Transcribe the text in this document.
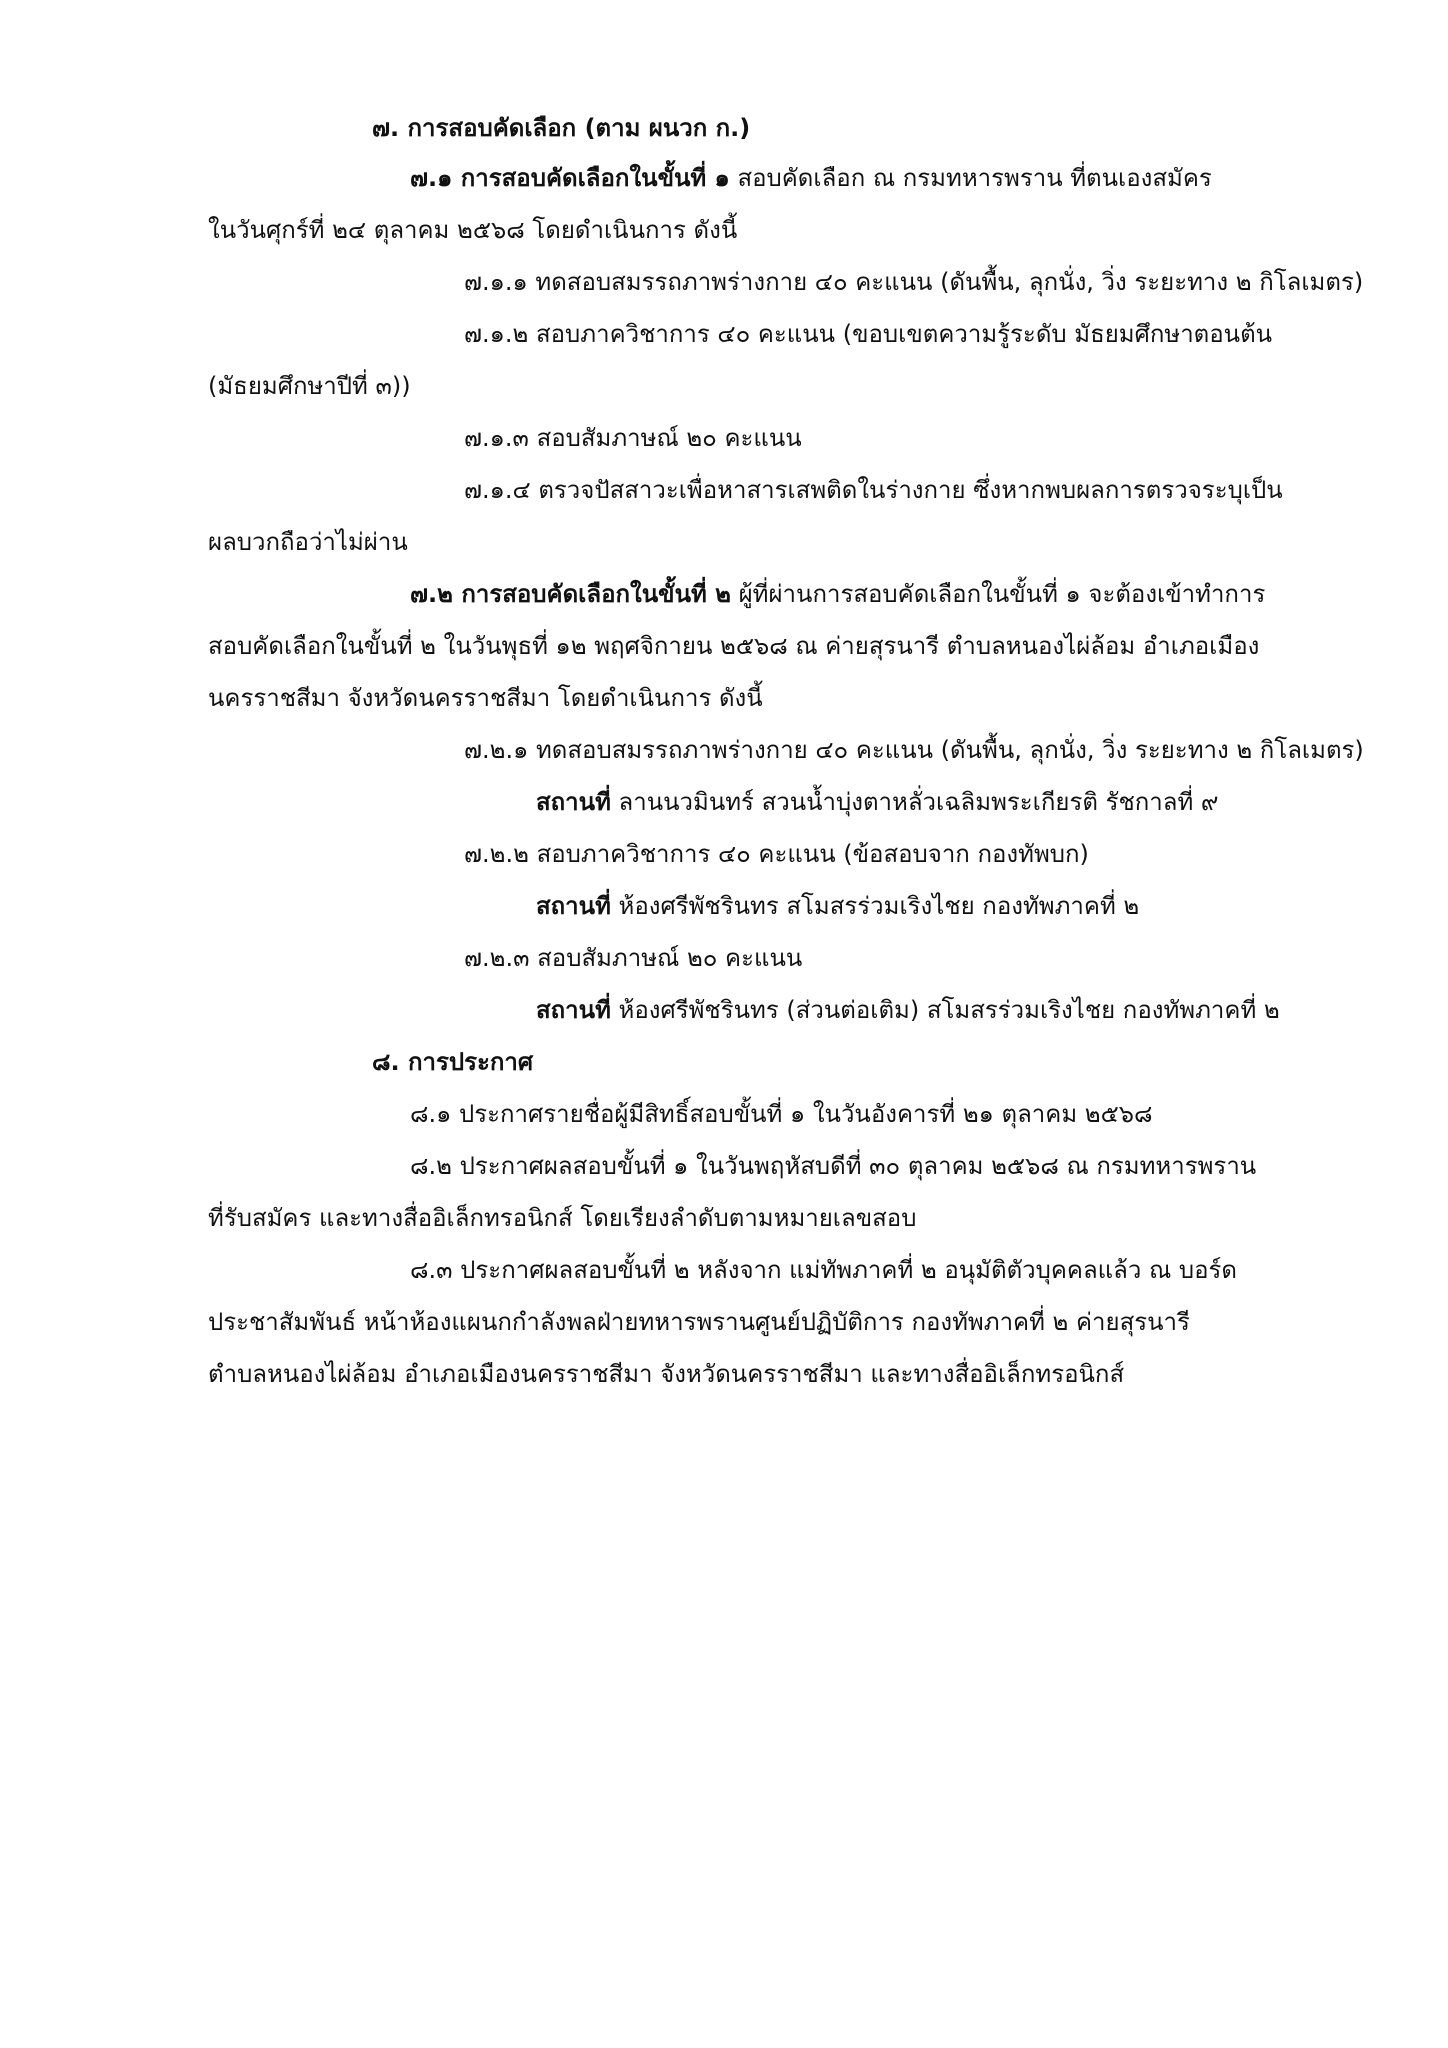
๗. การสอบคัดเลือก (ตาม ผนวก ก.)
๗.๑ การสอบคัดเลือกในขั้นที่ ๑ สอบคัดเลือก ณ กรมทหารพราน ที่ตนเองสมัคร
ในวันศุกร์ที่ ๒๔ ตุลาคม ๒๕๖๘ โดยดำเนินการ ดังนี้
๗.๑.๑ ทดสอบสมรรถภาพร่างกาย ๔๐ คะแนน (ดันพื้น, ลุกนั่ง, วิ่ง ระยะทาง ๒ กิโลเมตร)
๗.๑.๒ สอบภาควิชาการ ๔๐ คะแนน (ขอบเขตความรู้ระดับ มัธยมศึกษาตอนต้น
(มัธยมศึกษาปีที่ ๓))
๗.๑.๓ สอบสัมภาษณ์ ๒๐ คะแนน
๗.๑.๔ ตรวจปัสสาวะเพื่อหาสารเสพติดในร่างกาย ซึ่งหากพบผลการตรวจระบุเป็น
ผลบวกถือว่าไม่ผ่าน
๗.๒ การสอบคัดเลือกในขั้นที่ ๒ ผู้ที่ผ่านการสอบคัดเลือกในขั้นที่ ๑ จะต้องเข้าทำการ
สอบคัดเลือกในขั้นที่ ๒ ในวันพุธที่ ๑๒ พฤศจิกายน ๒๕๖๘ ณ ค่ายสุรนารี ตำบลหนองไผ่ล้อม อำเภอเมือง
นครราชสีมา จังหวัดนครราชสีมา โดยดำเนินการ ดังนี้
๗.๒.๑ ทดสอบสมรรถภาพร่างกาย ๔๐ คะแนน (ดันพื้น, ลุกนั่ง, วิ่ง ระยะทาง ๒ กิโลเมตร)
สถานที่ ลานนวมินทร์ สวนน้ำบุ่งตาหลั่วเฉลิมพระเกียรติ รัชกาลที่ ๙
๗.๒.๒ สอบภาควิชาการ ๔๐ คะแนน (ข้อสอบจาก กองทัพบก)
สถานที่ ห้องศรีพัชรินทร สโมสรร่วมเริงไชย กองทัพภาคที่ ๒
๗.๒.๓ สอบสัมภาษณ์ ๒๐ คะแนน
สถานที่ ห้องศรีพัชรินทร (ส่วนต่อเติม) สโมสรร่วมเริงไชย กองทัพภาคที่ ๒
๘. การประกาศ
๘.๑ ประกาศรายชื่อผู้มีสิทธิ์สอบขั้นที่ ๑ ในวันอังคารที่ ๒๑ ตุลาคม ๒๕๖๘
๘.๒ ประกาศผลสอบขั้นที่ ๑ ในวันพฤหัสบดีที่ ๓๐ ตุลาคม ๒๕๖๘ ณ กรมทหารพราน
ที่รับสมัคร และทางสื่ออิเล็กทรอนิกส์ โดยเรียงลำดับตามหมายเลขสอบ
๘.๓ ประกาศผลสอบขั้นที่ ๒ หลังจาก แม่ทัพภาคที่ ๒ อนุมัติตัวบุคคลแล้ว ณ บอร์ด
ประชาสัมพันธ์ หน้าห้องแผนกกำลังพลฝ่ายทหารพรานศูนย์ปฏิบัติการ กองทัพภาคที่ ๒ ค่ายสุรนารี
ตำบลหนองไผ่ล้อม อำเภอเมืองนครราชสีมา จังหวัดนครราชสีมา และทางสื่ออิเล็กทรอนิกส์
